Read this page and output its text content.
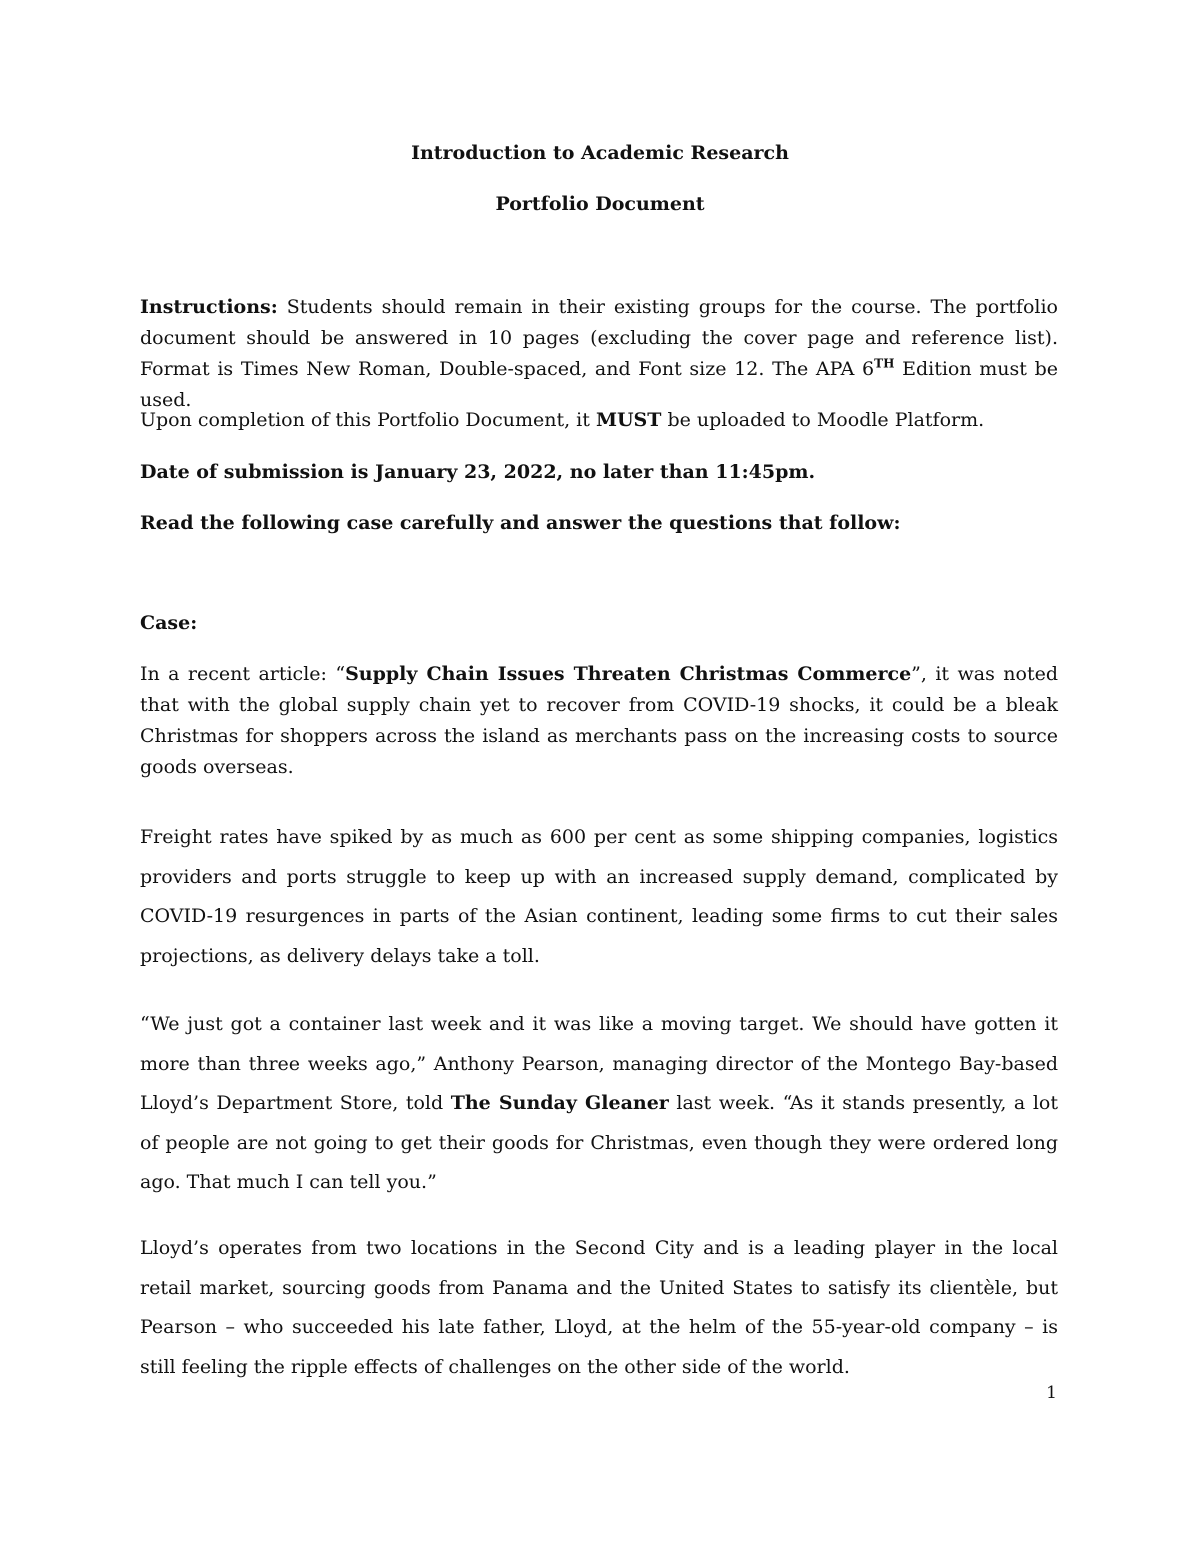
Introduction to Academic Research

Portfolio Document

Instructions: Students should remain in their existing groups for the course. The portfolio document should be answered in 10 pages (excluding the cover page and reference list). Format is Times New Roman, Double-spaced, and Font size 12. The APA 6TH Edition must be used.

Upon completion of this Portfolio Document, it MUST be uploaded to Moodle Platform.

Date of submission is January 23, 2022, no later than 11:45pm.

Read the following case carefully and answer the questions that follow:

Case:

In a recent article: “Supply Chain Issues Threaten Christmas Commerce”, it was noted that with the global supply chain yet to recover from COVID-19 shocks, it could be a bleak Christmas for shoppers across the island as merchants pass on the increasing costs to source goods overseas.

Freight rates have spiked by as much as 600 per cent as some shipping companies, logistics providers and ports struggle to keep up with an increased supply demand, complicated by COVID-19 resurgences in parts of the Asian continent, leading some firms to cut their sales projections, as delivery delays take a toll.

“We just got a container last week and it was like a moving target. We should have gotten it more than three weeks ago,” Anthony Pearson, managing director of the Montego Bay-based Lloyd’s Department Store, told The Sunday Gleaner last week. “As it stands presently, a lot of people are not going to get their goods for Christmas, even though they were ordered long ago. That much I can tell you.”

Lloyd’s operates from two locations in the Second City and is a leading player in the local retail market, sourcing goods from Panama and the United States to satisfy its clientèle, but Pearson – who succeeded his late father, Lloyd, at the helm of the 55-year-old company – is still feeling the ripple effects of challenges on the other side of the world.

1
